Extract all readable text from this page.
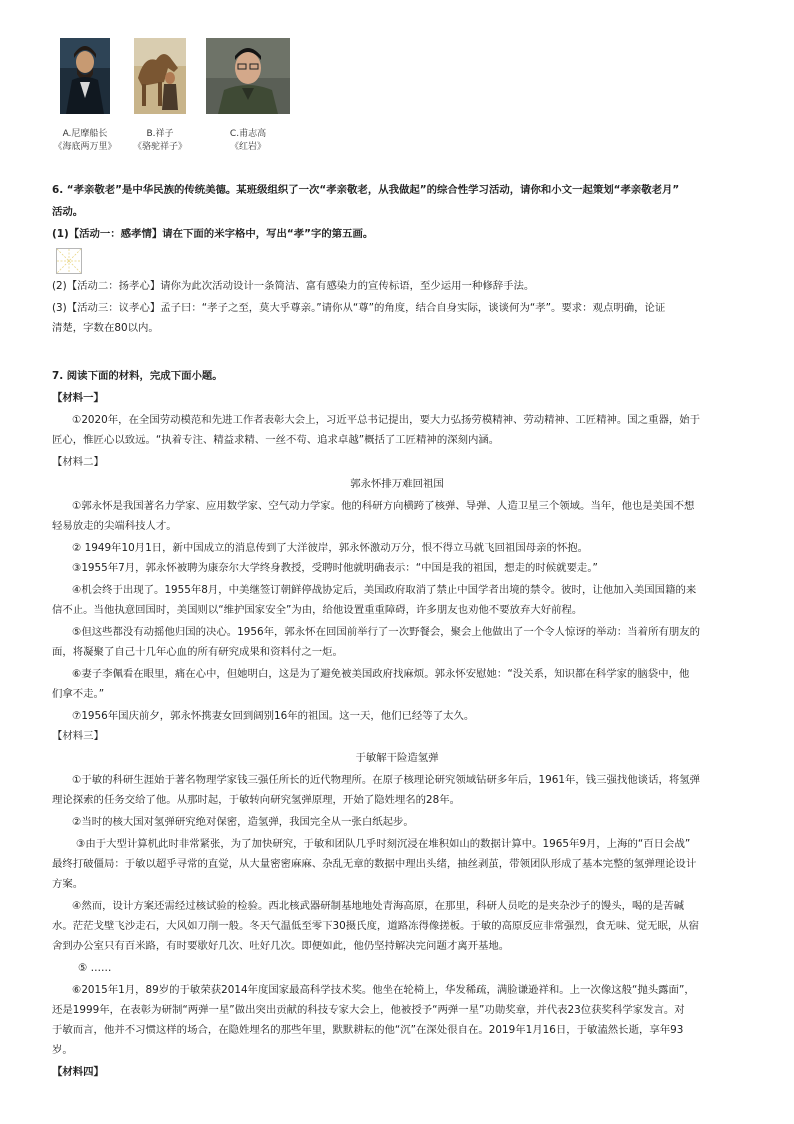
A.尼摩船长
《海底两万里》
B.祥子
《骆驼祥子》
C.甫志高
《红岩》
6. “孝亲敬老”是中华民族的传统美德。某班级组织了一次“孝亲敬老，从我做起”的综合性学习活动，请你和小文一起策划“孝亲敬老月”
活动。
(1)【活动一：感孝情】请在下面的米字格中，写出“孝”字的第五画。
(2)【活动二：扬孝心】请你为此次活动设计一条简洁、富有感染力的宣传标语，至少运用一种修辞手法。
(3)【活动三：议孝心】孟子曰：“孝子之至，莫大乎尊亲。”请你从“尊”的角度，结合自身实际，谈谈何为“孝”。要求：观点明确，论证
清楚，字数在80以内。
7. 阅读下面的材料，完成下面小题。
【材料一】
①2020年，在全国劳动模范和先进工作者表彰大会上，习近平总书记提出，要大力弘扬劳模精神、劳动精神、工匠精神。国之重器，始于
匠心，惟匠心以致远。“执着专注、精益求精、一丝不苟、追求卓越”概括了工匠精神的深刻内涵。
【材料二】
郭永怀排万难回祖国
①郭永怀是我国著名力学家、应用数学家、空气动力学家。他的科研方向横跨了核弹、导弹、人造卫星三个领域。当年，他也是美国不想
轻易放走的尖端科技人才。
② 1949年10月1日，新中国成立的消息传到了大洋彼岸，郭永怀激动万分，恨不得立马就飞回祖国母亲的怀抱。
③1955年7月，郭永怀被聘为康奈尔大学终身教授，受聘时他就明确表示：“中国是我的祖国，想走的时候就要走。”
④机会终于出现了。1955年8月，中美继签订朝鲜停战协定后，美国政府取消了禁止中国学者出境的禁令。彼时，让他加入美国国籍的来
信不止。当他执意回国时，美国则以“维护国家安全”为由，给他设置重重障碍，许多朋友也劝他不要放弃大好前程。
⑤但这些都没有动摇他归国的决心。1956年，郭永怀在回国前举行了一次野餐会，聚会上他做出了一个令人惊讶的举动：当着所有朋友的
面，将凝聚了自己十几年心血的所有研究成果和资料付之一炬。
⑥妻子李佩看在眼里，痛在心中，但她明白，这是为了避免被美国政府找麻烦。郭永怀安慰她：“没关系，知识都在科学家的脑袋中，他
们拿不走。”
⑦1956年国庆前夕，郭永怀携妻女回到阔别16年的祖国。这一天，他们已经等了太久。
【材料三】
于敏解干险造氢弹
①于敏的科研生涯始于著名物理学家钱三强任所长的近代物理所。在原子核理论研究领域钻研多年后，1961年，钱三强找他谈话，将氢弹
理论探索的任务交给了他。从那时起，于敏转向研究氢弹原理，开始了隐姓埋名的28年。
②当时的核大国对氢弹研究绝对保密，造氢弹，我国完全从一张白纸起步。
③由于大型计算机此时非常紧张，为了加快研究，于敏和团队几乎时刻沉浸在堆积如山的数据计算中。1965年9月，上海的“百日会战”
最终打破僵局：于敏以超乎寻常的直觉，从大量密密麻麻、杂乱无章的数据中理出头绪，抽丝剥茧，带领团队形成了基本完整的氢弹理论设计
方案。
④然而，设计方案还需经过核试验的检验。西北核武器研制基地地处青海高原，在那里，科研人员吃的是夹杂沙子的馒头，喝的是苦碱
水。茫茫戈壁飞沙走石，大风如刀削一般。冬天气温低至零下30摄氏度，道路冻得像搓板。于敏的高原反应非常强烈，食无味、觉无眠，从宿
舍到办公室只有百米路，有时要歇好几次、吐好几次。即便如此，他仍坚持解决完问题才离开基地。
⑤ ……
⑥2015年1月，89岁的于敏荣获2014年度国家最高科学技术奖。他坐在轮椅上，华发稀疏，满脸谦逊祥和。上一次像这般“抛头露面”，
还是1999年，在表彰为研制“两弹一星”做出突出贡献的科技专家大会上，他被授予“两弹一星”功勋奖章，并代表23位获奖科学家发言。对
于敏而言，他并不习惯这样的场合，在隐姓埋名的那些年里，默默耕耘的他“沉”在深处很自在。2019年1月16日，于敏溘然长逝，享年93
岁。
【材料四】
